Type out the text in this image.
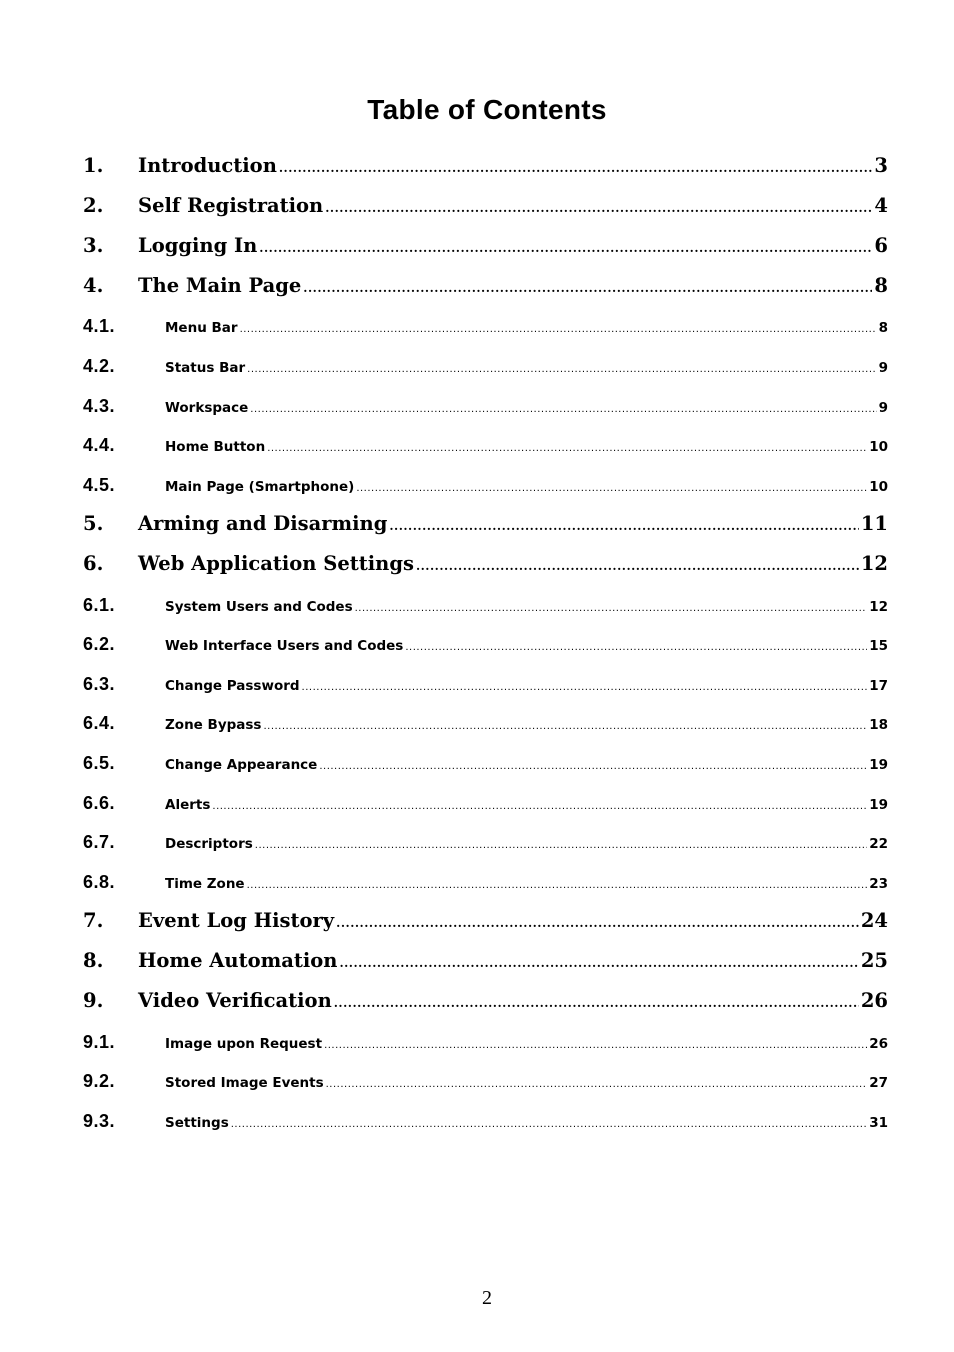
Table of Contents
1.	Introduction .....	3
2.	Self Registration .....	4
3.	Logging In .....	6
4.	The Main Page .....	8
4.1.	Menu Bar .....	8
4.2.	Status Bar .....	9
4.3.	Workspace .....	9
4.4.	Home Button .....	10
4.5.	Main Page (Smartphone) .....	10
5.	Arming and Disarming .....	11
6.	Web Application Settings .....	12
6.1.	System Users and Codes .....	12
6.2.	Web Interface Users and Codes .....	15
6.3.	Change Password .....	17
6.4.	Zone Bypass .....	18
6.5.	Change Appearance .....	19
6.6.	Alerts .....	19
6.7.	Descriptors .....	22
6.8.	Time Zone .....	23
7.	Event Log History .....	24
8.	Home Automation .....	25
9.	Video Verification .....	26
9.1.	Image upon Request .....	26
9.2.	Stored Image Events .....	27
9.3.	Settings .....	31
2
